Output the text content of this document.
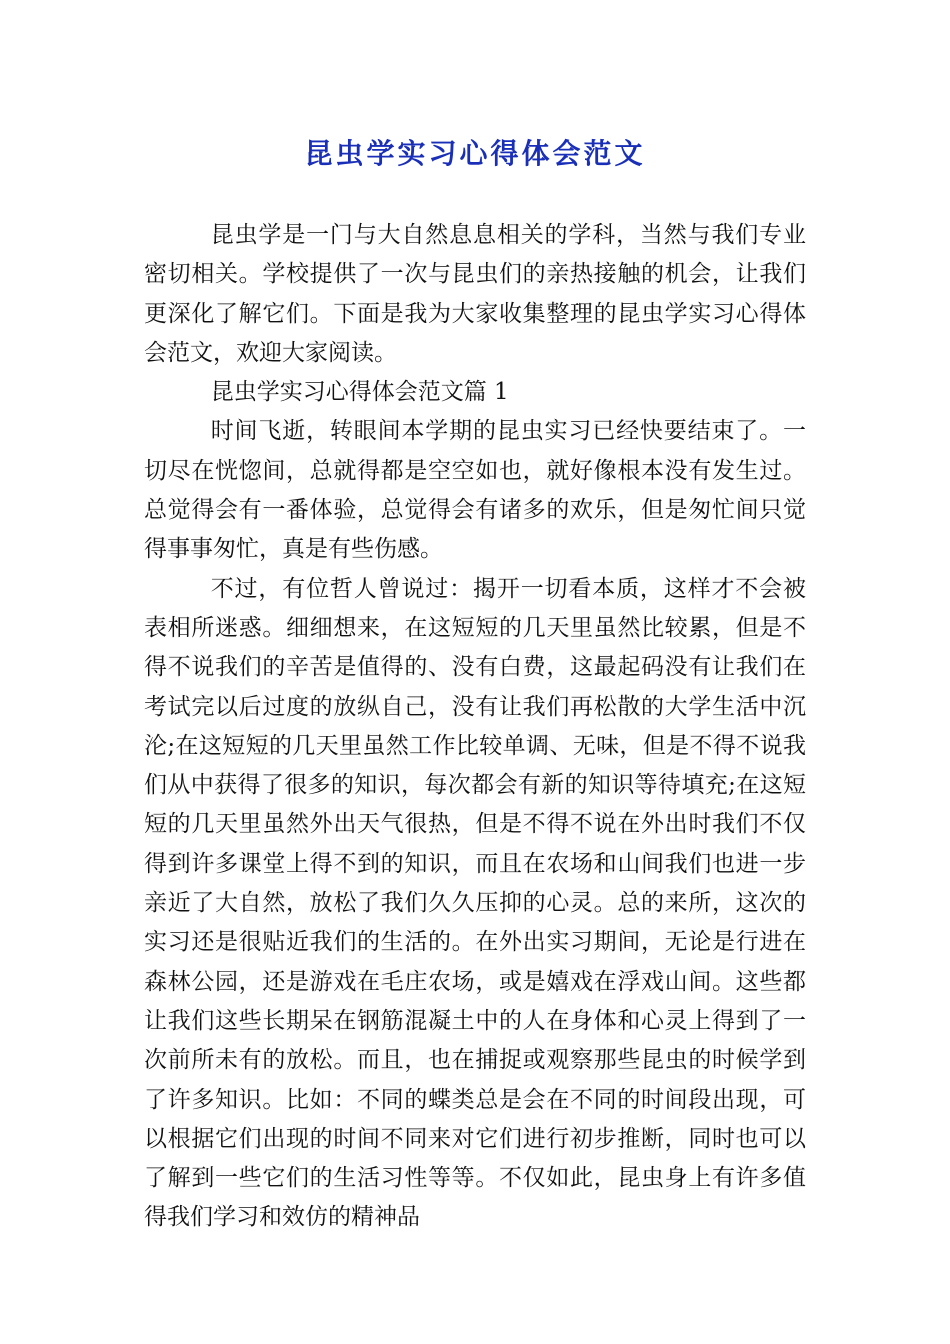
昆虫学实习心得体会范文

昆虫学是一门与大自然息息相关的学科，当然与我们专业密切相关。学校提供了一次与昆虫们的亲热接触的机会，让我们更深化了解它们。下面是我为大家收集整理的昆虫学实习心得体会范文，欢迎大家阅读。

昆虫学实习心得体会范文篇 1

时间飞逝，转眼间本学期的昆虫实习已经快要结束了。一切尽在恍惚间，总就得都是空空如也，就好像根本没有发生过。总觉得会有一番体验，总觉得会有诸多的欢乐，但是匆忙间只觉得事事匆忙，真是有些伤感。

不过，有位哲人曾说过：揭开一切看本质，这样才不会被表相所迷惑。细细想来，在这短短的几天里虽然比较累，但是不得不说我们的辛苦是值得的、没有白费，这最起码没有让我们在考试完以后过度的放纵自己，没有让我们再松散的大学生活中沉沦;在这短短的几天里虽然工作比较单调、无味，但是不得不说我们从中获得了很多的知识，每次都会有新的知识等待填充;在这短短的几天里虽然外出天气很热，但是不得不说在外出时我们不仅得到许多课堂上得不到的知识，而且在农场和山间我们也进一步亲近了大自然，放松了我们久久压抑的心灵。总的来所，这次的实习还是很贴近我们的生活的。在外出实习期间，无论是行进在森林公园，还是游戏在毛庄农场，或是嬉戏在浮戏山间。这些都让我们这些长期呆在钢筋混凝土中的人在身体和心灵上得到了一次前所未有的放松。而且，也在捕捉或观察那些昆虫的时候学到了许多知识。比如：不同的蝶类总是会在不同的时间段出现，可以根据它们出现的时间不同来对它们进行初步推断，同时也可以了解到一些它们的生活习性等等。不仅如此，昆虫身上有许多值得我们学习和效仿的精神品
